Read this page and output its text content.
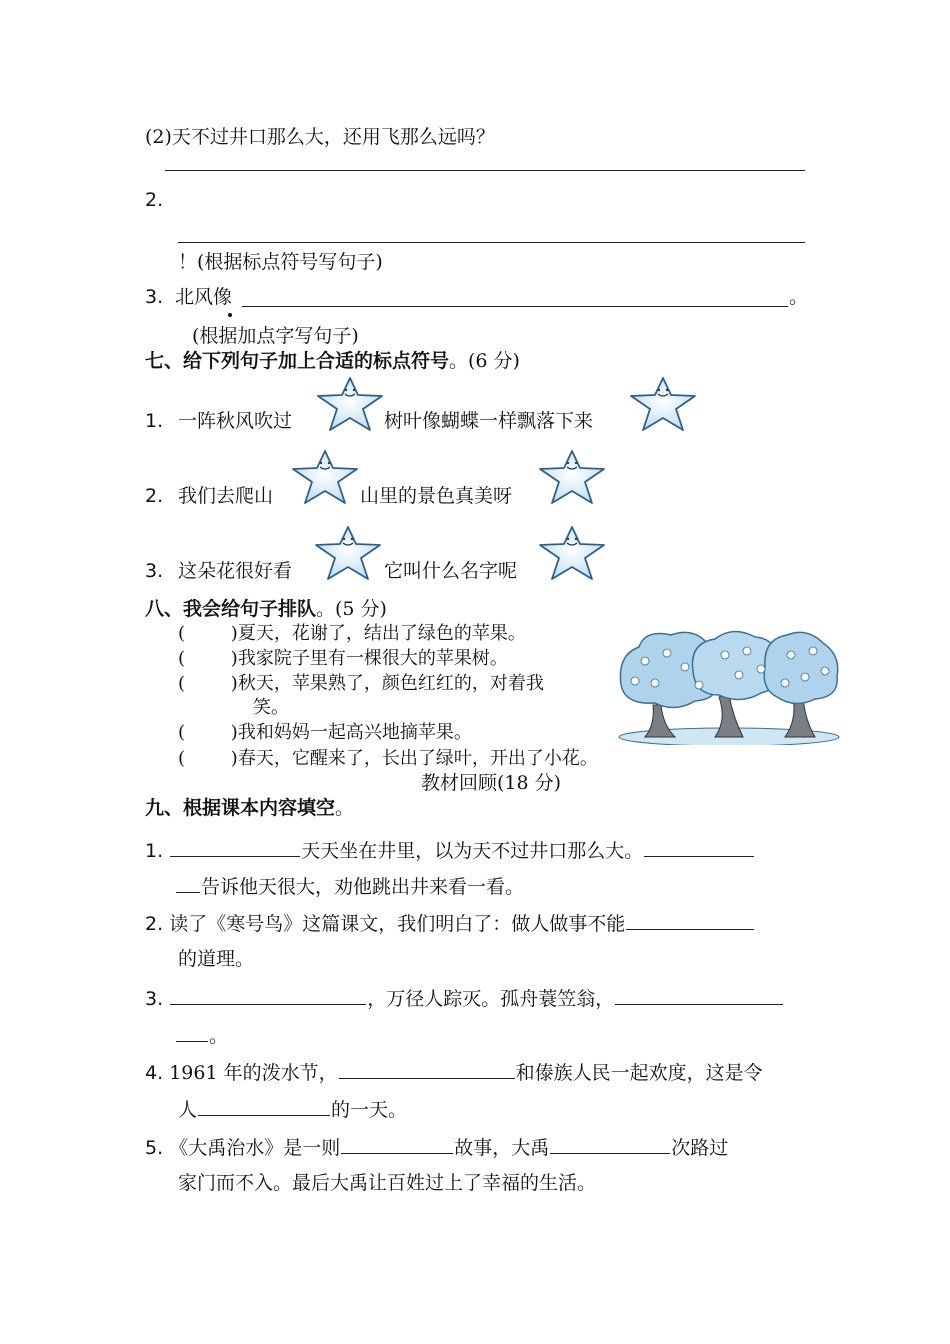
(2)天不过井口那么大，还用飞那么远吗？
2.
！(根据标点符号写句子)
3. 北风像	。
(根据加点字写句子)
七、给下列句子加上合适的标点符号。(6 分)
1. 一阵秋风吹过	树叶像蝴蝶一样飘落下来
2. 我们去爬山	山里的景色真美呀
3. 这朵花很好看	它叫什么名字呢
八、我会给句子排队。(5 分)
(        )夏天，花谢了，结出了绿色的苹果。
(        )我家院子里有一棵很大的苹果树。
(        )秋天，苹果熟了，颜色红红的，对着我
笑。
(        )我和妈妈一起高兴地摘苹果。
(        )春天，它醒来了，长出了绿叶，开出了小花。
教材回顾(18 分)
九、根据课本内容填空。
1.	天天坐在井里，以为天不过井口那么大。
告诉他天很大，劝他跳出井来看一看。
2. 读了《寒号鸟》这篇课文，我们明白了：做人做事不能
的道理。
3.	，万径人踪灭。孤舟蓑笠翁，
。
4. 1961 年的泼水节，	和傣族人民一起欢度，这是令
人	的一天。
5. 《大禹治水》是一则	故事，大禹	次路过
家门而不入。最后大禹让百姓过上了幸福的生活。
